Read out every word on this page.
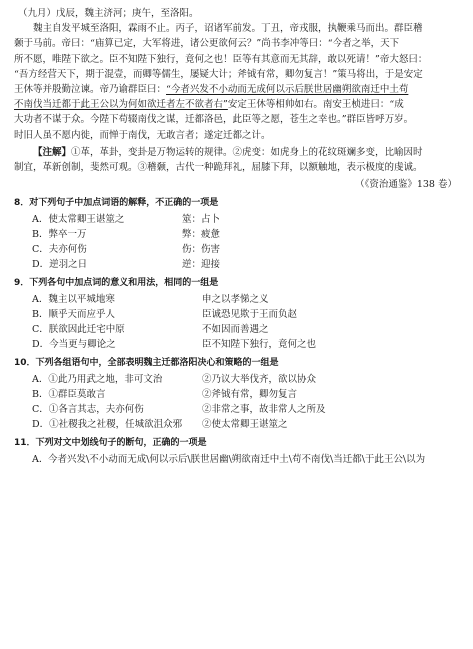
（九月）戊辰，魏主济河；庚午，至洛阳。
魏主自发平城至洛阳，霖雨不止。丙子，诏诸军前发。丁丑，帝戎服，执鞭乘马而出。群臣稽
颡于马前。帝曰：“庙算已定，大军将进，诸公更欲何云？”尚书李冲等曰：“今者之举，天下
所不愿，唯陛下欲之。臣不知陛下独行，竟何之也！臣等有其意而无其辞，敢以死请！”帝大怒曰：
“吾方经营天下，期于混壹，而卿等儒生，屡疑大计；斧钺有常，卿勿复言！”策马将出，于是安定
王休等并殷勤泣谏。帝乃谕群臣曰：“今者兴发不小动而无成何以示后朕世居幽朔欲南迁中土苟
不南伐当迁都于此王公以为何如欲迁者左不欲者右”安定王休等相帅如右。南安王桢进曰：“成
大功者不谋于众。今陛下苟辍南伐之谋，迁都洛邑，此臣等之愿，苍生之幸也。”群臣皆呼万岁。
时旧人虽不愿内徙，而惮于南伐，无敢言者；遂定迁都之计。
【注解】①革，革卦，变卦是万物运转的规律。②虎变：如虎身上的花纹斑斓多变，比喻因时
制宜，革新创制，斐然可观。③稽颡，古代一种跪拜礼，屈膝下拜，以额触地，表示极度的虔诚。
（《资治通鉴》138 卷）
8．对下列句子中加点词语的解释，不正确的一项是
A．使太常卿王谌筮之	筮：占卜
B．弊卒一万	弊：疲惫
C．夫亦何伤	伤：伤害
D．逆羽之日	逆：迎接
9．下列各句中加点词的意义和用法，相同的一组是
A．魏主以平城地寒	申之以孝悌之义
B．顺乎天而应乎人	臣诚恐见欺于王而负赵
C．朕欲因此迁宅中原	不如因而善遇之
D．今当更与卿论之	臣不知陛下独行，竟何之也
10．下列各组语句中，全部表明魏主迁都洛阳决心和策略的一组是
A．①此乃用武之地，非可文治	②乃议大举伐齐，欲以协众
B．①群臣莫敢言	②斧钺有常，卿勿复言
C．①各言其志，夫亦何伤	②非常之事，故非常人之所及
D．①社稷我之社稷，任城欲沮众邪	②使太常卿王谌筮之
11．下列对文中划线句子的断句，正确的一项是
A．今者兴发\不小动而无成\何以示后\朕世居幽\朔欲南迁中土\苟不南伐\当迁都\于此王公\以为
